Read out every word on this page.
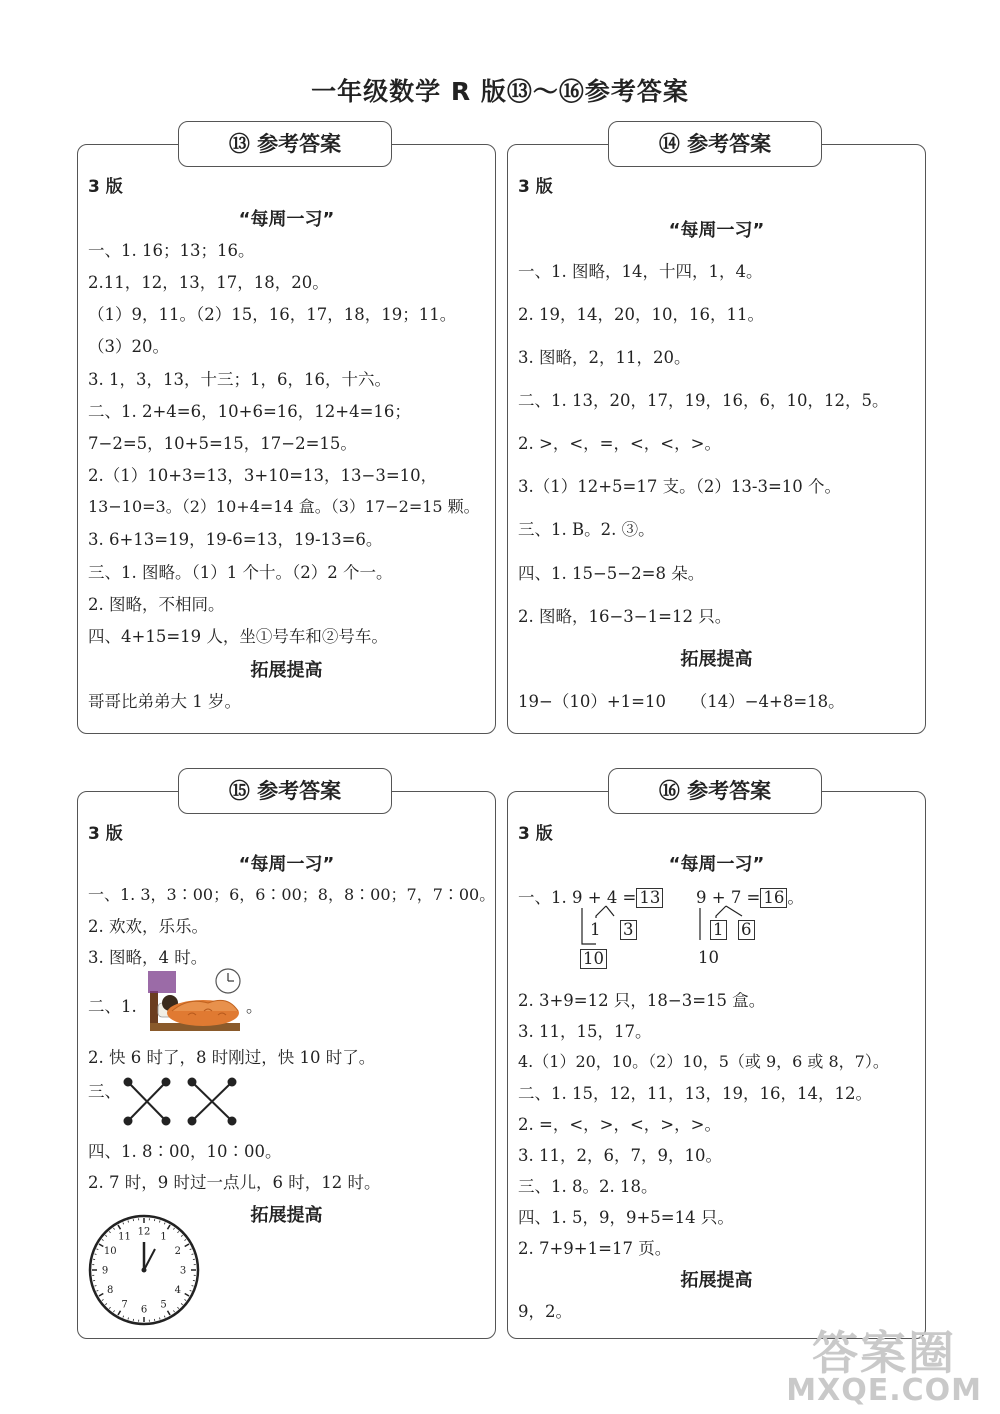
一年级数学 R 版⑬～⑯参考答案
3 版
“每周一习”
一、1. 16；13；16。
2.11，12，13，17，18，20。
（1）9，11。（2）15，16，17，18，19；11。
（3）20。
3. 1，3，13，十三；1，6，16，十六。
二、1. 2+4=6，10+6=16，12+4=16；
7−2=5，10+5=15，17−2=15。
2.（1）10+3=13，3+10=13，13−3=10，
13−10=3。（2）10+4=14 盒。（3）17−2=15 颗。
3. 6+13=19，19-6=13，19-13=6。
三、1. 图略。（1）1 个十。（2）2 个一。
2. 图略，不相同。
四、4+15=19 人，坐①号车和②号车。
拓展提高
哥哥比弟弟大 1 岁。
⑬ 参考答案
3 版
“每周一习”
一、1. 图略，14，十四，1，4。
2. 19，14，20，10，16，11。
3. 图略，2，11，20。
二、1. 13，20，17，19，16，6，10，12，5。
2. >，<，=，<，<，>。
3.（1）12+5=17 支。（2）13-3=10 个。
三、1. B。2. ③。
四、1. 15−5−2=8 朵。
2. 图略，16−3−1=12 只。
拓展提高
19−（10）+1=10　　（14）−4+8=18。
⑭ 参考答案
3 版
“每周一习”
一、1. 3，3∶00；6，6∶00；8，8∶00；7，7∶00。
2. 欢欢，乐乐。
3. 图略，4 时。
二、1.	。
2. 快 6 时了，8 时刚过，快 10 时了。
三、
四、1. 8∶00，10∶00。
2. 7 时，9 时过一点儿，6 时，12 时。
拓展提高
12 1
2
3
4
5
6
7
8
9
10
11
⑮ 参考答案
3 版
“每周一习”
一、1. 9 + 4 = 13
1 3
10
9 + 7 = 16 。
1 6
10
2. 3+9=12 只，18−3=15 盒。
3. 11，15，17。
4.（1）20，10。（2）10，5（或 9，6 或 8，7）。
二、1. 15，12，11，13，19，16，14，12。
2. =，<，>，<，>，>。
3. 11，2，6，7，9，10。
三、1. 8。2. 18。
四、1. 5，9，9+5=14 只。
2. 7+9+1=17 页。
拓展提高
9，2。
⑯ 参考答案
答案圈
MXQE.COM
